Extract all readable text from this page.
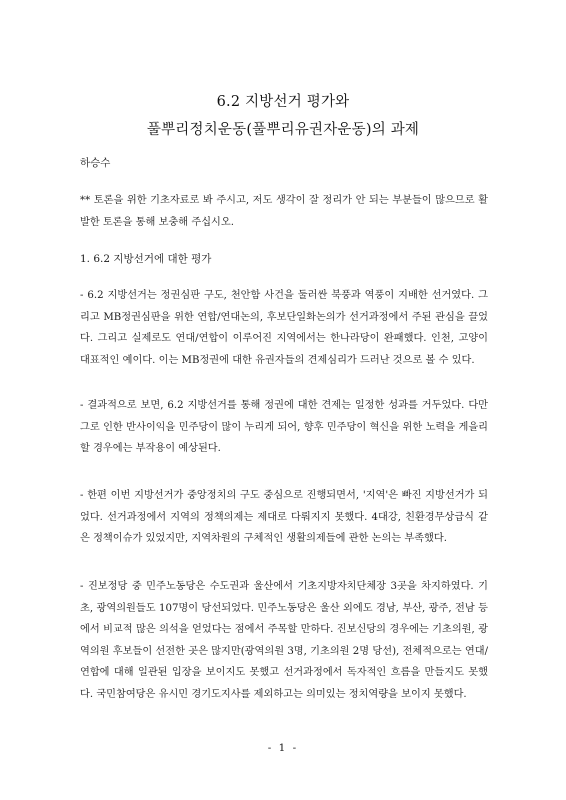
6.2 지방선거 평가와
풀뿌리정치운동(풀뿌리유권자운동)의 과제
하승수

** 토론을 위한 기초자료로 봐 주시고, 저도 생각이 잘 정리가 안 되는 부분들이 많으므로 활발한 토론을 통해 보충해 주십시오.

1. 6.2 지방선거에 대한 평가

- 6.2 지방선거는 정권심판 구도, 천안함 사건을 둘러싼 북풍과 역풍이 지배한 선거였다. 그리고 MB정권심판을 위한 연합/연대논의, 후보단일화논의가 선거과정에서 주된 관심을 끌었다. 그리고 실제로도 연대/연합이 이루어진 지역에서는 한나라당이 완패했다. 인천, 고양이 대표적인 예이다. 이는 MB정권에 대한 유권자들의 견제심리가 드러난 것으로 볼 수 있다.

- 결과적으로 보면, 6.2 지방선거를 통해 정권에 대한 견제는 일정한 성과를 거두었다. 다만 그로 인한 반사이익을 민주당이 많이 누리게 되어, 향후 민주당이 혁신을 위한 노력을 게을리할 경우에는 부작용이 예상된다.

- 한편 이번 지방선거가 중앙정치의 구도 중심으로 진행되면서, '지역'은 빠진 지방선거가 되었다. 선거과정에서 지역의 정책의제는 제대로 다뤄지지 못했다. 4대강, 친환경무상급식 같은 정책이슈가 있었지만, 지역차원의 구체적인 생활의제들에 관한 논의는 부족했다.

- 진보정당 중 민주노동당은 수도권과 울산에서 기초지방자치단체장 3곳을 차지하였다. 기초, 광역의원들도 107명이 당선되었다. 민주노동당은 울산 외에도 경남, 부산, 광주, 전남 등에서 비교적 많은 의석을 얻었다는 점에서 주목할 만하다. 진보신당의 경우에는 기초의원, 광역의원 후보들이 선전한 곳은 많지만(광역의원 3명, 기초의원 2명 당선), 전체적으로는 연대/연합에 대해 일관된 입장을 보이지도 못했고 선거과정에서 독자적인 흐름을 만들지도 못했다. 국민참여당은 유시민 경기도지사를 제외하고는 의미있는 정치역량을 보이지 못했다.

- 1 -
